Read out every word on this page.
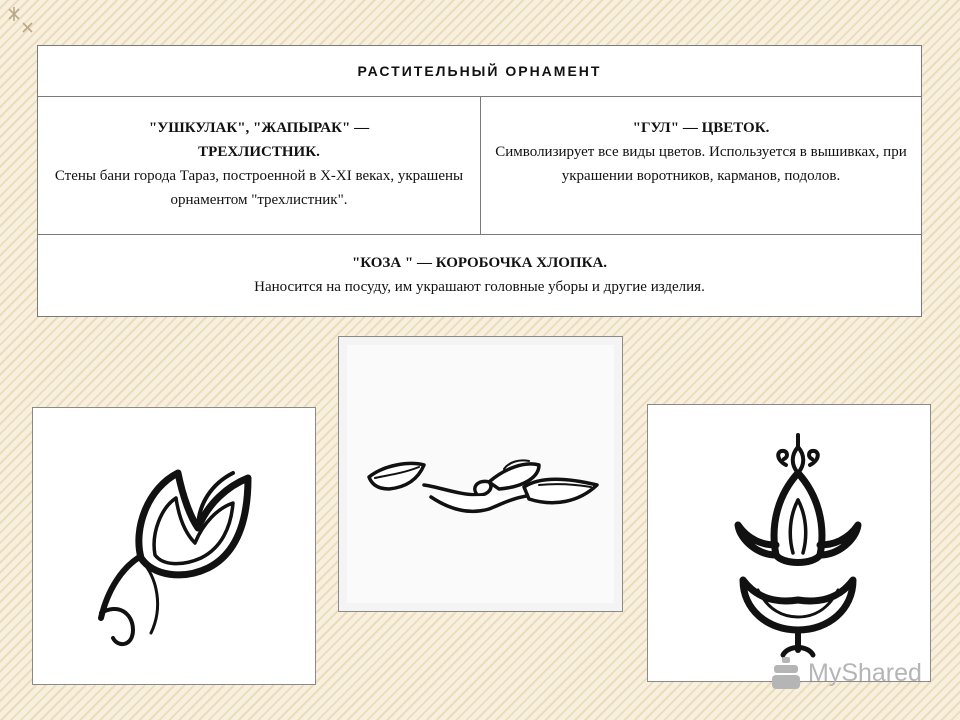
РАСТИТЕЛЬНЫЙ ОРНАМЕНТ
"УШКУЛАК", "ЖАПЫРАК" —
ТРЕХЛИСТНИК.
Стены бани города Тараз, построенной в X-XI веках, украшены орнаментом "трехлистник".
"ГУЛ" — ЦВЕТОК.
Символизирует все виды цветов. Используется в вышивках, при украшении воротников, карманов, подолов.
"КОЗА " — КОРОБОЧКА ХЛОПКА.
Наносится на посуду, им украшают головные уборы и другие изделия.
MyShared
